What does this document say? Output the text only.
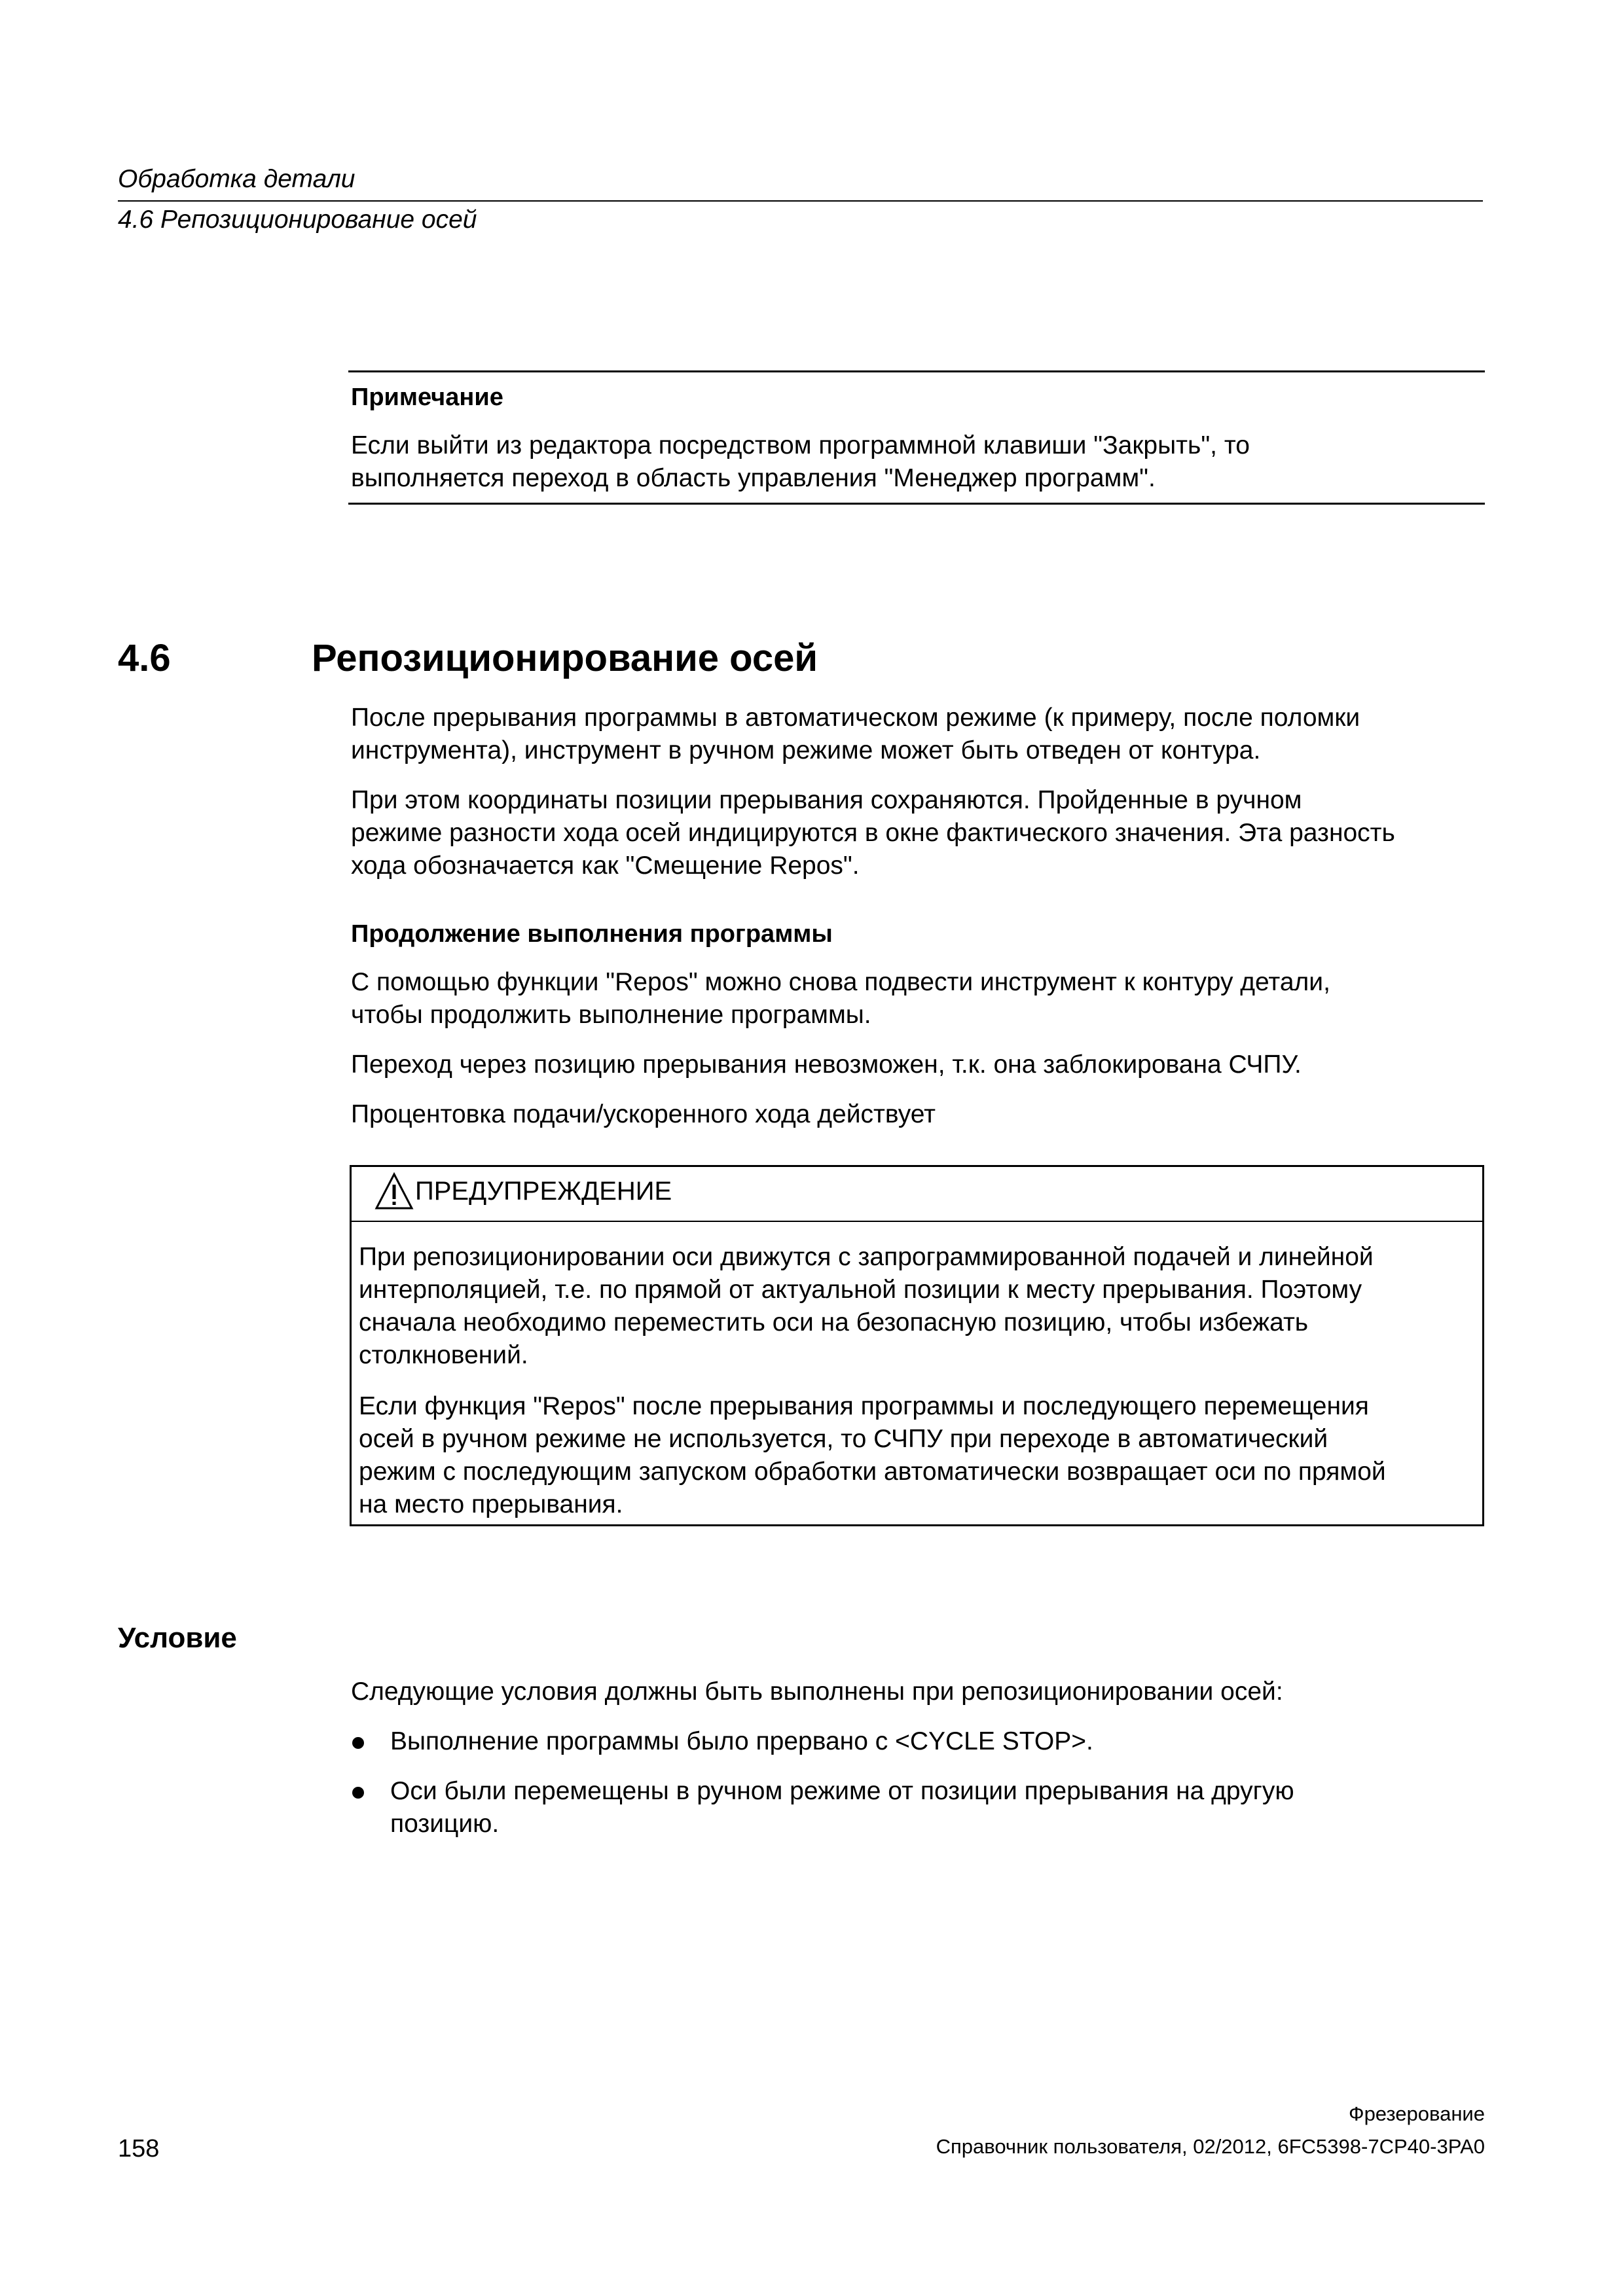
Обработка детали
4.6 Репозиционирование осей
Примечание

Если выйти из редактора посредством программной клавиши "Закрыть", то

выполняется переход в область управления "Менеджер программ".

4.6	Репозиционирование осей

После прерывания программы в автоматическом режиме (к примеру, после поломки

инструмента), инструмент в ручном режиме может быть отведен от контура.

При этом координаты позиции прерывания сохраняются. Пройденные в ручном

режиме разности хода осей индицируются в окне фактического значения. Эта разность

хода обозначается как "Смещение Repos".

Продолжение выполнения программы

С помощью функции "Repos" можно снова подвести инструмент к контуру детали,

чтобы продолжить выполнение программы.

Переход через позицию прерывания невозможен, т.к. она заблокирована СЧПУ.
Процентовка подачи/ускоренного хода действует
ПРЕДУПРЕЖДЕНИЕ

При репозиционировании оси движутся с запрограммированной подачей и линейной

интерполяцией, т.е. по прямой от актуальной позиции к месту прерывания. Поэтому

сначала необходимо переместить оси на безопасную позицию, чтобы избежать

столкновений.

Если функция "Repos" после прерывания программы и последующего перемещения

осей в ручном режиме не используется, то СЧПУ при переходе в автоматический

режим с последующим запуском обработки автоматически возвращает оси по прямой

на место прерывания.

Условие
Следующие условия должны быть выполнены при репозиционировании осей:

Выполнение программы было прервано с <CYCLE STOP>.

Оси были перемещены в ручном режиме от позиции прерывания на другую

позицию.

158
Фрезерование
Справочник пользователя, 02/2012, 6FC5398-7CP40-3PA0
